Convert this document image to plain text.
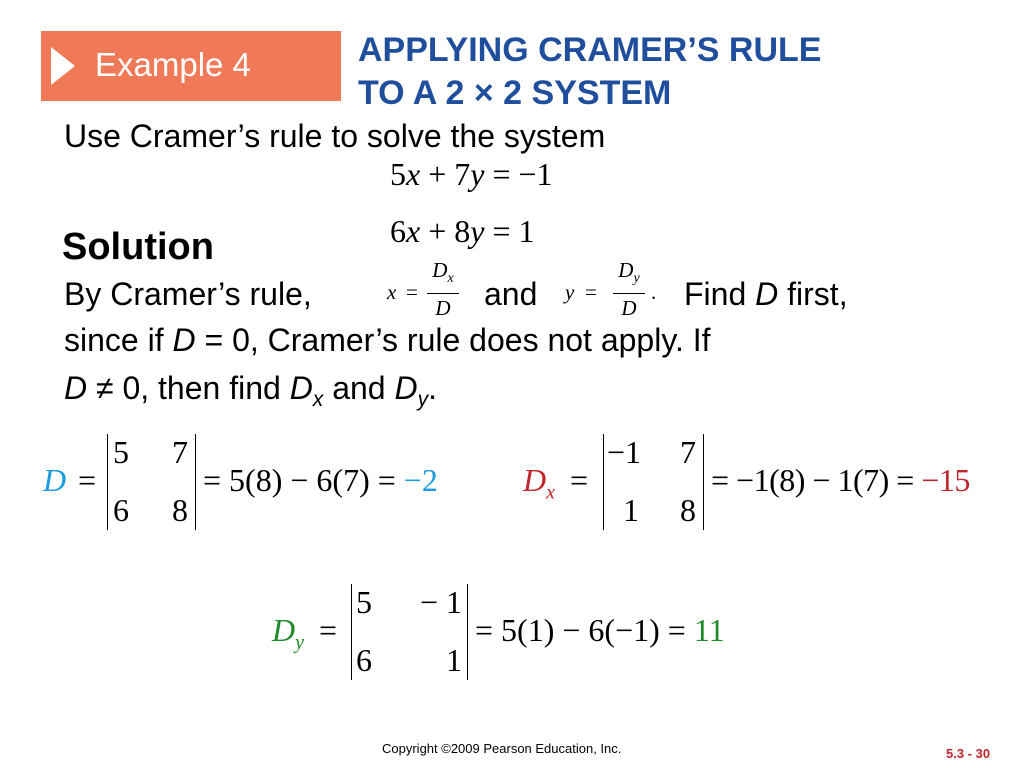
Example 4	APPLYING CRAMER’S RULE
TO A 2 × 2 SYSTEM
Use Cramer’s rule to solve the system
5x + 7y = −1
6x + 8y = 1
Solution
By Cramer’s rule,	x =
$D_x$
D and y =
$D_y$
D
. Find D first,
since if D = 0, Cramer’s rule does not apply. If
D ≠ 0, then find $D_x$ and $D_y$.
D =
5 7
6 8
= 5(8) − 6(7) = −2	$D_x$ =
−1 7
1 8
= −1(8) − 1(7) = −15
$D_y$ =
5 − 1
6 1
= 5(1) − 6(−1) = 11
Copyright ©2009 Pearson Education, Inc.	5.3 - 30
